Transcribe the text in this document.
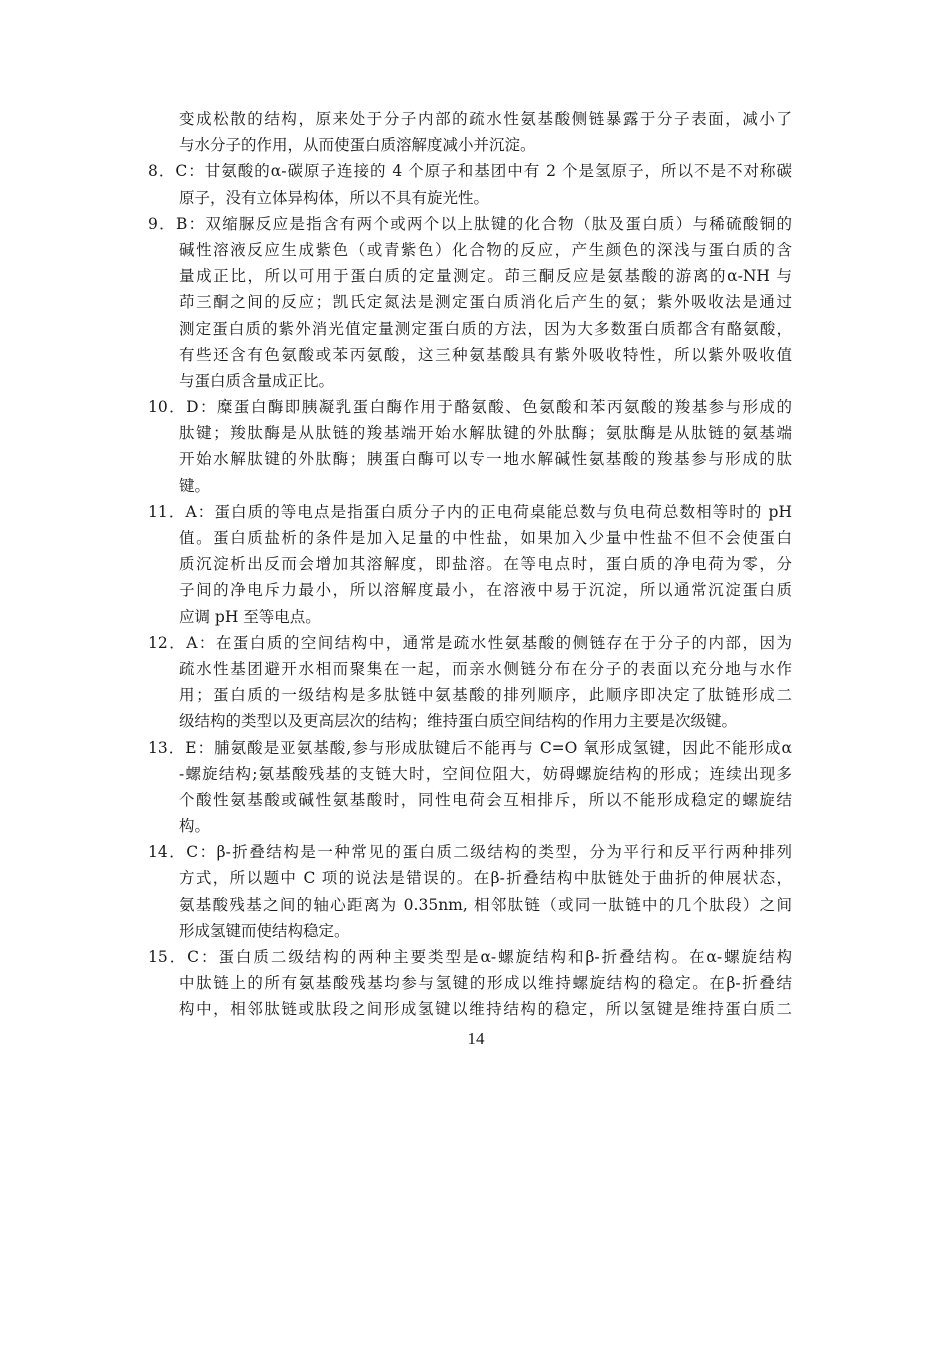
变成松散的结构，原来处于分子内部的疏水性氨基酸侧链暴露于分子表面，减小了
与水分子的作用，从而使蛋白质溶解度减小并沉淀。
8．C：甘氨酸的α-碳原子连接的 4 个原子和基团中有 2 个是氢原子，所以不是不对称碳
原子，没有立体异构体，所以不具有旋光性。
9．B：双缩脲反应是指含有两个或两个以上肽键的化合物（肽及蛋白质）与稀硫酸铜的
碱性溶液反应生成紫色（或青紫色）化合物的反应，产生颜色的深浅与蛋白质的含
量成正比，所以可用于蛋白质的定量测定。茚三酮反应是氨基酸的游离的α-NH 与
茚三酮之间的反应；凯氏定氮法是测定蛋白质消化后产生的氨；紫外吸收法是通过
测定蛋白质的紫外消光值定量测定蛋白质的方法，因为大多数蛋白质都含有酪氨酸，
有些还含有色氨酸或苯丙氨酸，这三种氨基酸具有紫外吸收特性，所以紫外吸收值
与蛋白质含量成正比。
10．D：糜蛋白酶即胰凝乳蛋白酶作用于酪氨酸、色氨酸和苯丙氨酸的羧基参与形成的
肽键；羧肽酶是从肽链的羧基端开始水解肽键的外肽酶；氨肽酶是从肽链的氨基端
开始水解肽键的外肽酶；胰蛋白酶可以专一地水解碱性氨基酸的羧基参与形成的肽
键。
11．A：蛋白质的等电点是指蛋白质分子内的正电荷桌能总数与负电荷总数相等时的 pH
值。蛋白质盐析的条件是加入足量的中性盐，如果加入少量中性盐不但不会使蛋白
质沉淀析出反而会增加其溶解度，即盐溶。在等电点时，蛋白质的净电荷为零，分
子间的净电斥力最小，所以溶解度最小，在溶液中易于沉淀，所以通常沉淀蛋白质
应调 pH 至等电点。
12．A：在蛋白质的空间结构中，通常是疏水性氨基酸的侧链存在于分子的内部，因为
疏水性基团避开水相而聚集在一起，而亲水侧链分布在分子的表面以充分地与水作
用；蛋白质的一级结构是多肽链中氨基酸的排列顺序，此顺序即决定了肽链形成二
级结构的类型以及更高层次的结构；维持蛋白质空间结构的作用力主要是次级键。
13．E：脯氨酸是亚氨基酸,参与形成肽键后不能再与 C=O 氧形成氢键，因此不能形成α
-螺旋结构;氨基酸残基的支链大时，空间位阻大，妨碍螺旋结构的形成；连续出现多
个酸性氨基酸或碱性氨基酸时，同性电荷会互相排斥，所以不能形成稳定的螺旋结
构。
14．C：β-折叠结构是一种常见的蛋白质二级结构的类型，分为平行和反平行两种排列
方式，所以题中 C 项的说法是错误的。在β-折叠结构中肽链处于曲折的伸展状态，
氨基酸残基之间的轴心距离为 0.35nm, 相邻肽链（或同一肽链中的几个肽段）之间
形成氢键而使结构稳定。
15．C：蛋白质二级结构的两种主要类型是α-螺旋结构和β-折叠结构。在α-螺旋结构
中肽链上的所有氨基酸残基均参与氢键的形成以维持螺旋结构的稳定。在β-折叠结
构中，相邻肽链或肽段之间形成氢键以维持结构的稳定，所以氢键是维持蛋白质二
14
